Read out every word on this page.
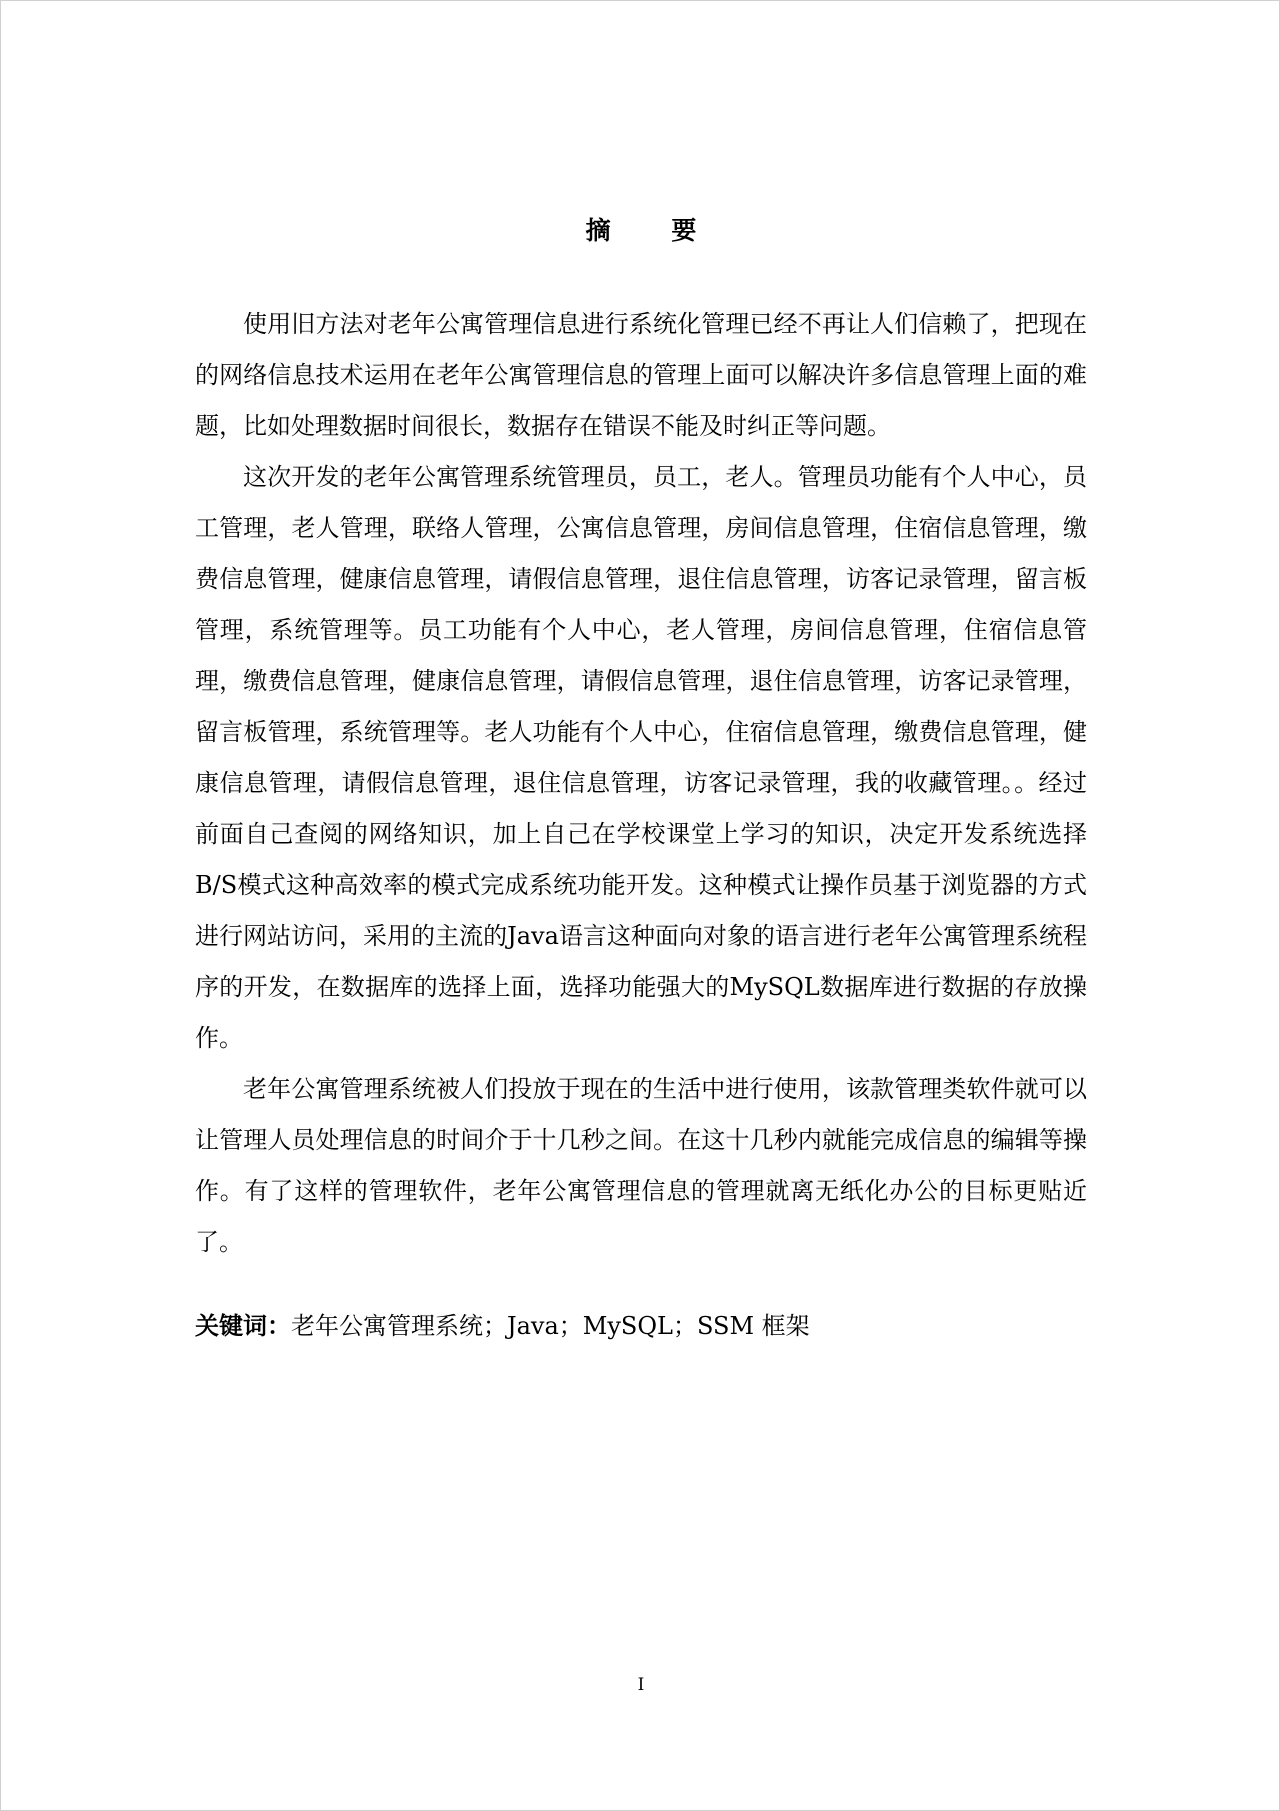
摘 要

使用旧方法对老年公寓管理信息进行系统化管理已经不再让人们信赖了，把现在的网络信息技术运用在老年公寓管理信息的管理上面可以解决许多信息管理上面的难题，比如处理数据时间很长，数据存在错误不能及时纠正等问题。

这次开发的老年公寓管理系统管理员，员工，老人。管理员功能有个人中心，员工管理，老人管理，联络人管理，公寓信息管理，房间信息管理，住宿信息管理，缴费信息管理，健康信息管理，请假信息管理，退住信息管理，访客记录管理，留言板管理，系统管理等。员工功能有个人中心，老人管理，房间信息管理，住宿信息管理，缴费信息管理，健康信息管理，请假信息管理，退住信息管理，访客记录管理，留言板管理，系统管理等。老人功能有个人中心，住宿信息管理，缴费信息管理，健康信息管理，请假信息管理，退住信息管理，访客记录管理，我的收藏管理。。经过前面自己查阅的网络知识，加上自己在学校课堂上学习的知识，决定开发系统选择B/S模式这种高效率的模式完成系统功能开发。这种模式让操作员基于浏览器的方式进行网站访问，采用的主流的Java语言这种面向对象的语言进行老年公寓管理系统程序的开发，在数据库的选择上面，选择功能强大的MySQL数据库进行数据的存放操作。

老年公寓管理系统被人们投放于现在的生活中进行使用，该款管理类软件就可以让管理人员处理信息的时间介于十几秒之间。在这十几秒内就能完成信息的编辑等操作。有了这样的管理软件，老年公寓管理信息的管理就离无纸化办公的目标更贴近了。

关键词：老年公寓管理系统；Java；MySQL；SSM 框架
I
